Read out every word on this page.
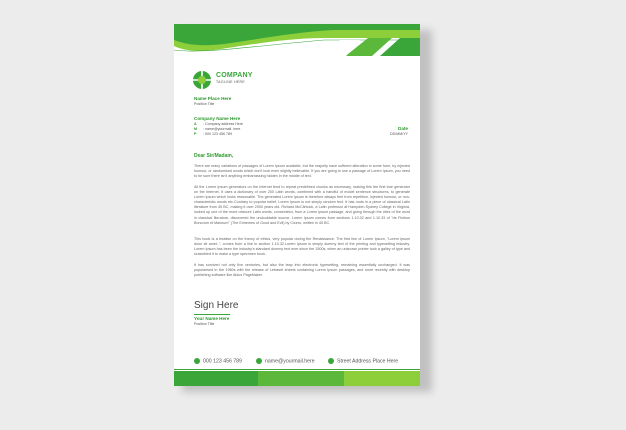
COMPANY
TAGLINE HERE
Name Place Here
Position Title
Company Name Here
A : Company address Here
M : name@yourmail. here
P : 000 123 456 789
Date
DD/MM/YY
Dear Sir/Madam,
There are many variations of passages of Lorem Ipsum available, but the majority have suffered alteration in some form, by injected humour, or randomised words which don't look even slightly believable. If you are going to use a passage of Lorem Ipsum, you need to be sure there isn't anything embarrassing hidden in the middle of text.
All the Lorem Ipsum generators on the Internet tend to repeat predefined chunks as necessary, making this the first true generator on the Internet. It uses a dictionary of over 200 Latin words, combined with a handful of model sentence structures, to generate Lorem Ipsum which looks reasonable. The generated Lorem Ipsum is therefore always free from repetition, injected humour, or non-characteristic words etc.Contrary to popular belief, Lorem Ipsum is not simply random text. It has roots in a piece of classical Latin literature from 45 BC, making it over 2000 years old. Richard McClintock, a Latin professor at Hampden-Sydney College in Virginia, looked up one of the more obscure Latin words, consectetur, from a Lorem Ipsum passage, and going through the cites of the word in classical literature, discovered the undoubtable source. Lorem Ipsum comes from sections 1.10.32 and 1.10.33 of "de Finibus Bonorum et Malorum" (The Extremes of Good and Evil) by Cicero, written in 45 BC.
This book is a treatise on the theory of ethics, very popular during the Renaissance. The first line of Lorem Ipsum, "Lorem ipsum dolor sit amet..", comes from a line in section 1.10.32.Lorem Ipsum is simply dummy text of the printing and typesetting industry. Lorem Ipsum has been the industry's standard dummy text ever since the 1500s, when an unknown printer took a galley of type and scrambled it to make a type specimen book.
It has survived not only five centuries, but also the leap into electronic typesetting, remaining essentially unchanged. It was popularised in the 1960s with the release of Letraset sheets containing Lorem Ipsum passages, and more recently with desktop publishing software like Aldus PageMaker.
Sign Here
Your Name Here
Position Title
000 123 456 789	name@yourmail.here	Street Address Place Here
